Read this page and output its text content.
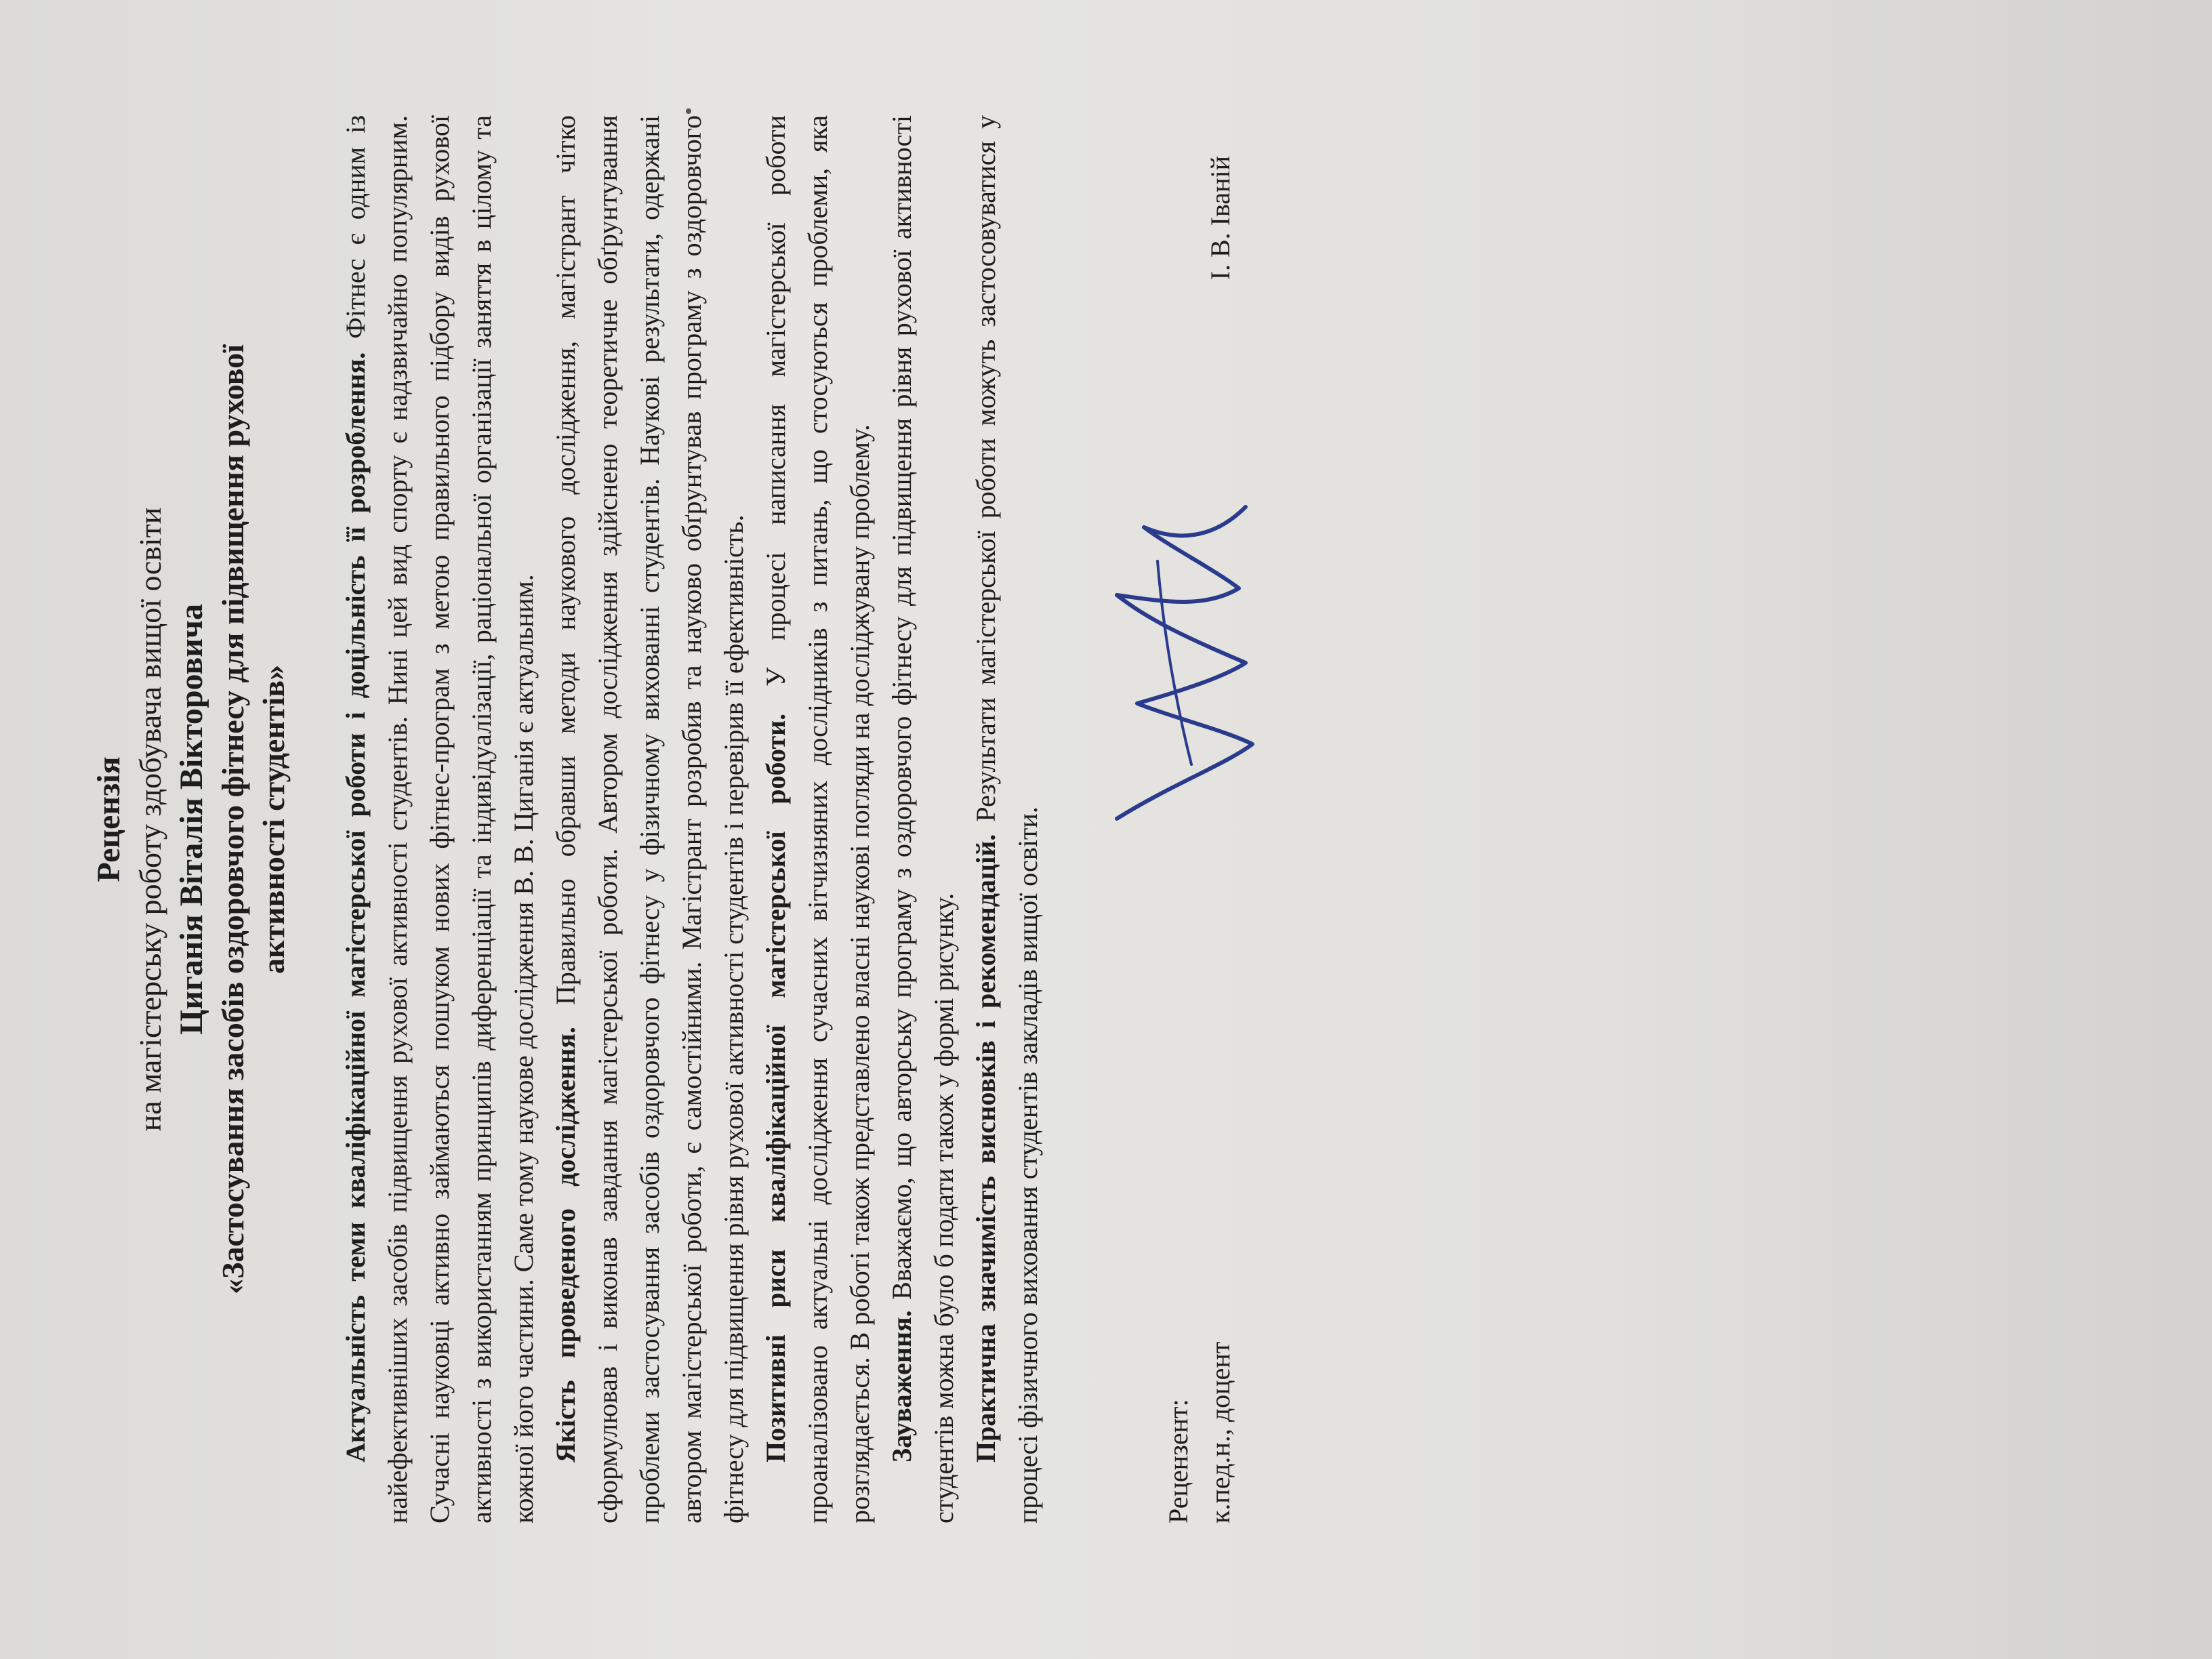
Рецензія на магістерську роботу здобувача вищої освіти Циганія Віталія Вікторовича «Застосування засобів оздоровчого фітнесу для підвищення рухової активності студентів» Актуальність теми кваліфікаційної магістерської роботи і доцільність її розроблення. Фітнес є одним із найефективніших засобів підвищення рухової активності студентів. Нині цей вид спорту є надзвичайно популярним. Сучасні науковці активно займаються пошуком нових фітнес-програм з метою правильного підбору видів рухової активності з використанням принципів диференціації та індивідуалізації, раціональної організації заняття в цілому та кожної його частини. Саме тому наукове дослідження В. В. Циганія є актуальним. Якість проведеного дослідження. Правильно обравши методи наукового дослідження, магістрант чітко сформулював і виконав завдання магістерської роботи. Автором дослідження здійснено теоретичне обґрунтування проблеми застосування засобів оздоровчого фітнесу у фізичному вихованні студентів. Наукові результати, одержані автором магістерської роботи, є самостійними. Магістрант розробив та науково обґрунтував програму з оздоровчого фітнесу для підвищення рівня рухової активності студентів і перевірив її ефективність. Позитивні риси кваліфікаційної магістерської роботи. У процесі написання магістерської роботи проаналізовано актуальні дослідження сучасних вітчизняних дослідників з питань, що стосуються проблеми, яка розглядається. В роботі також представлено власні наукові погляди на досліджувану проблему. Зауваження. Вважаємо, що авторську програму з оздоровчого фітнесу для підвищення рівня рухової активності студентів можна було б подати також у формі рисунку. Практична значимість висновків і рекомендацій. Результати магістерської роботи можуть застосовуватися у процесі фізичного виховання студентів закладів вищої освіти.	Рецензент: к.пед.н., доцент
І. В. Іваній
